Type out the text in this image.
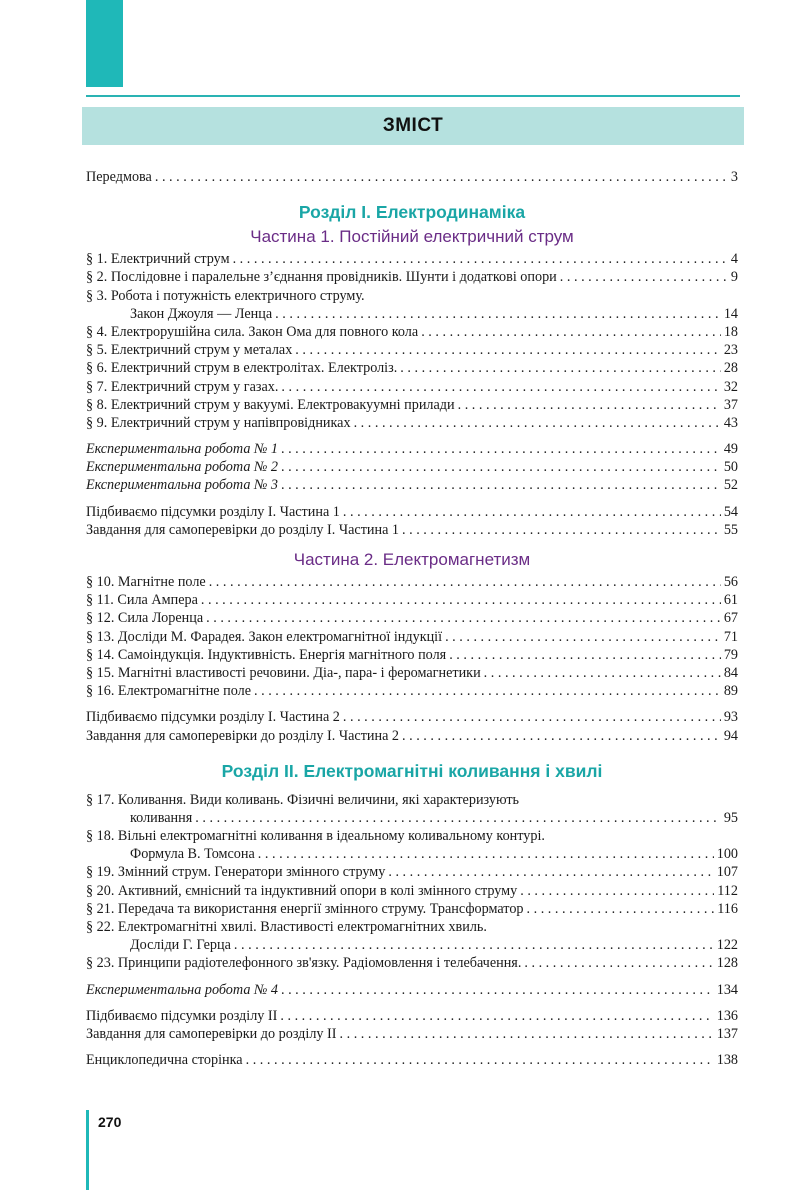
ЗМІСТ
Передмова . . .	3
Розділ І. Електродинаміка
Частина 1. Постійний електричний струм
§ 1. Електричний струм . . .	4
§ 2. Послідовне і паралельне з’єднання провідників. Шунти і додаткові опори . . .	9
§ 3. Робота і потужність електричного струму.
Закон Джоуля — Ленца . . .	14
§ 4. Електрорушійна сила. Закон Ома для повного кола . . .	18
§ 5. Електричний струм у металах . . .	23
§ 6. Електричний струм в електролітах. Електроліз. . . .	28
§ 7. Електричний струм у газах. . . .	32
§ 8. Електричний струм у вакуумі. Електровакуумні прилади . . .	37
§ 9. Електричний струм у напівпровідниках . . .	43
Експериментальна робота № 1 . . .	49
Експериментальна робота № 2 . . .	50
Експериментальна робота № 3 . . .	52
Підбиваємо підсумки розділу І. Частина 1 . . .	54
Завдання для самоперевірки до розділу І. Частина 1 . . .	55
Частина 2. Електромагнетизм
§ 10. Магнітне поле . . .	56
§ 11. Сила Ампера . . .	61
§ 12. Сила Лоренца . . .	67
§ 13. Досліди М. Фарадея. Закон електромагнітної індукції . . .	71
§ 14. Самоіндукція. Індуктивність. Енергія магнітного поля . . .	79
§ 15. Магнітні властивості речовини. Діа-, пара- і феромагнетики . . .	84
§ 16. Електромагнітне поле . . .	89
Підбиваємо підсумки розділу І. Частина 2 . . .	93
Завдання для самоперевірки до розділу І. Частина 2 . . .	94
Розділ ІІ. Електромагнітні коливання і хвилі
§ 17. Коливання. Види коливань. Фізичні величини, які характеризують
коливання . . .	95
§ 18. Вільні електромагнітні коливання в ідеальному коливальному контурі.
Формула В. Томсона . . .	100
§ 19. Змінний струм. Генератори змінного струму . . .	107
§ 20. Активний, ємнісний та індуктивний опори в колі змінного струму . . .	112
§ 21. Передача та використання енергії змінного струму. Трансформатор . . .	116
§ 22. Електромагнітні хвилі. Властивості електромагнітних хвиль.
Досліди Г. Герца . . .	122
§ 23. Принципи радіотелефонного зв'язку. Радіомовлення і телебачення. . . .	128
Експериментальна робота № 4 . . .	134
Підбиваємо підсумки розділу ІІ . . .	136
Завдання для самоперевірки до розділу ІІ . . .	137
Енциклопедична сторінка . . .	138
270
